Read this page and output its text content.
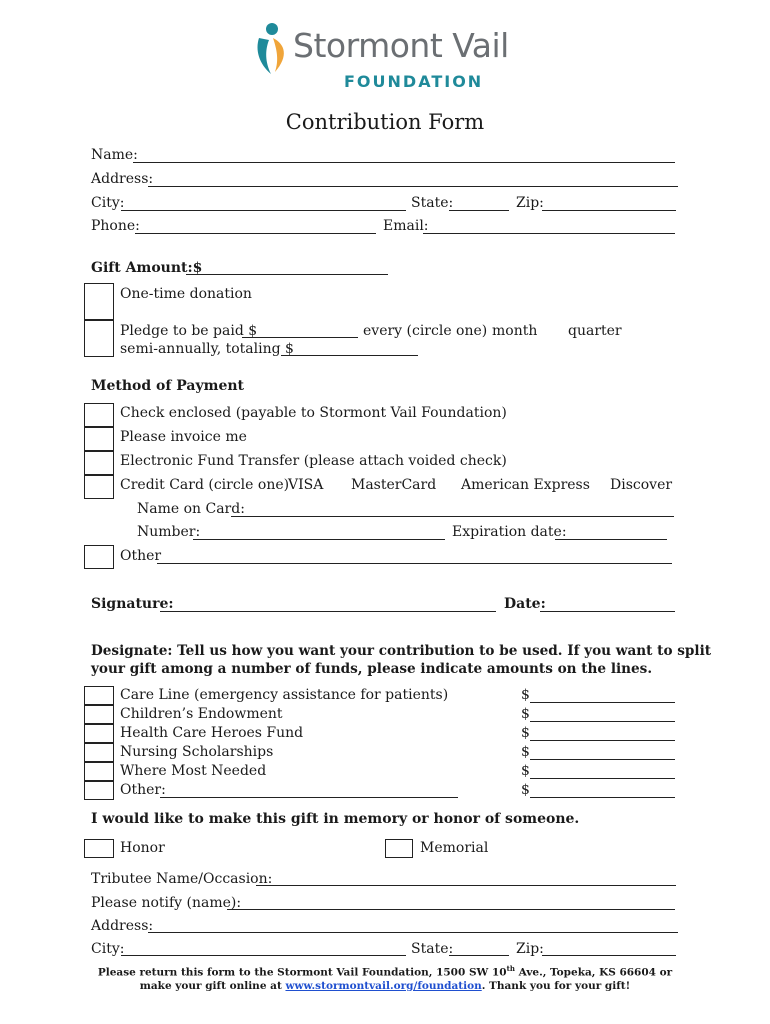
Stormont Vail
FOUNDATION
Contribution Form
Name:
Address:
City:	State:	Zip:
Phone:	Email:
Gift Amount:$
One-time donation
Pledge to be paid $	every (circle one) month quarter
semi-annually, totaling $
Method of Payment
Check enclosed (payable to Stormont Vail Foundation)
Please invoice me
Electronic Fund Transfer (please attach voided check)
Credit Card (circle one)
VISA MasterCard American Express Discover
Name on Card:
Number:	Expiration date:
Other
Signature:	Date:
Designate: Tell us how you want your contribution to be used. If you want to split
your gift among a number of funds, please indicate amounts on the lines.
Care Line (emergency assistance for patients)	$
Children’s Endowment	$
Health Care Heroes Fund	$
Nursing Scholarships	$
Where Most Needed	$
Other:	$
I would like to make this gift in memory or honor of someone.
Honor	Memorial
Tributee Name/Occasion:
Please notify (name):
Address:
City:	State:	Zip:
Please return this form to the Stormont Vail Foundation, 1500 SW 10th Ave., Topeka, KS 66604 or
make your gift online at www.stormontvail.org/foundation. Thank you for your gift!
